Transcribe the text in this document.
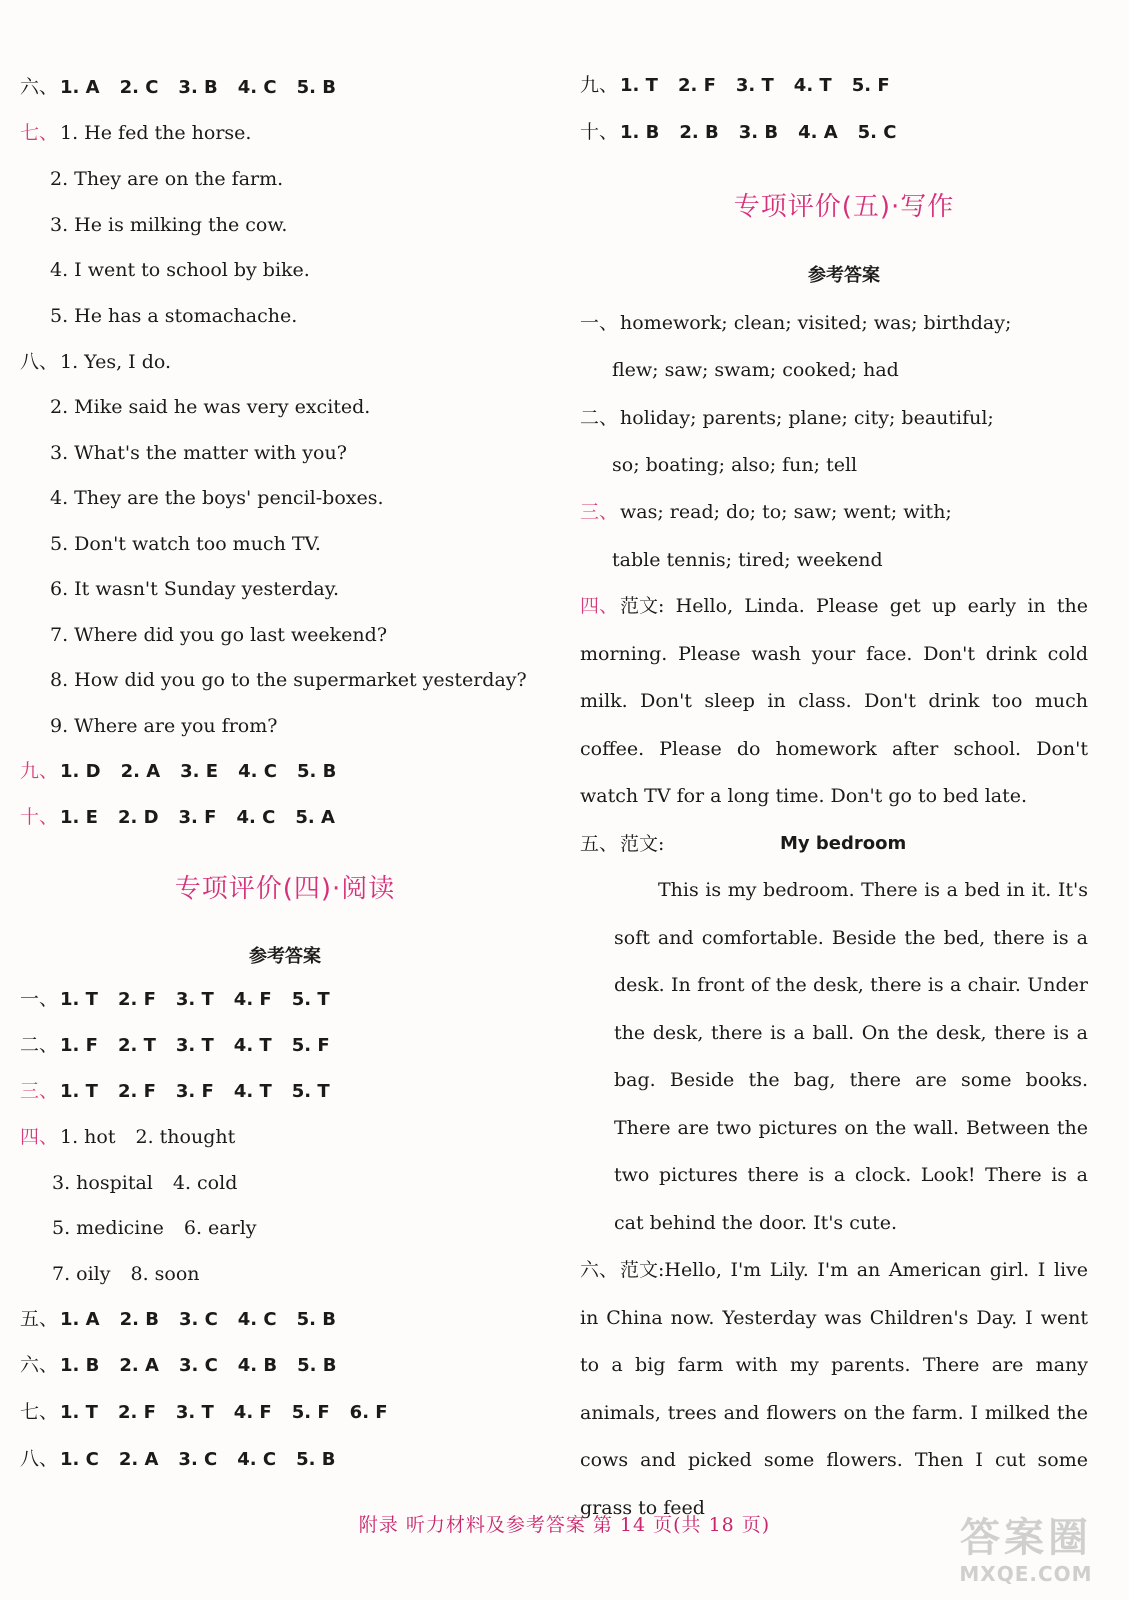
六、 1. A 2. C 3. B 4. C 5. B
七、 1. He fed the horse.
2. They are on the farm.
3. He is milking the cow.
4. I went to school by bike.
5. He has a stomachache.
八、 1. Yes, I do.
2. Mike said he was very excited.
3. What's the matter with you?
4. They are the boys' pencil-boxes.
5. Don't watch too much TV.
6. It wasn't Sunday yesterday.
7. Where did you go last weekend?
8. How did you go to the supermarket yesterday?
9. Where are you from?
九、 1. D 2. A 3. E 4. C 5. B
十、 1. E 2. D 3. F 4. C 5. A
专项评价(四)·阅读
参考答案
一、 1. T 2. F 3. T 4. F 5. T
二、 1. F 2. T 3. T 4. T 5. F
三、 1. T 2. F 3. F 4. T 5. T
四、 1. hot 2. thought
3. hospital 4. cold
5. medicine 6. early
7. oily 8. soon
五、 1. A 2. B 3. C 4. C 5. B
六、 1. B 2. A 3. C 4. B 5. B
七、 1. T 2. F 3. T 4. F 5. F 6. F
八、 1. C 2. A 3. C 4. C 5. B
九、 1. T 2. F 3. T 4. T 5. F
十、 1. B 2. B 3. B 4. A 5. C
专项评价(五)·写作
参考答案
一、 homework; clean; visited; was; birthday;
flew; saw; swam; cooked; had
二、 holiday; parents; plane; city; beautiful;
so; boating; also; fun; tell
三、 was; read; do; to; saw; went; with;
table tennis; tired; weekend
四、 范文: Hello, Linda. Please get up early in the morning. Please wash your face. Don't drink cold milk. Don't sleep in class. Don't drink too much coffee. Please do homework after school. Don't watch TV for a long time. Don't go to bed late.
五、 范文:	My bedroom
This is my bedroom. There is a bed in it. It's soft and comfortable. Beside the bed, there is a desk. In front of the desk, there is a chair. Under the desk, there is a ball. On the desk, there is a bag. Beside the bag, there are some books. There are two pictures on the wall. Between the two pictures there is a clock. Look! There is a cat behind the door. It's cute.
六、 范文:Hello, I'm Lily. I'm an American girl. I live in China now. Yesterday was Children's Day. I went to a big farm with my parents. There are many animals, trees and flowers on the farm. I milked the cows and picked some flowers. Then I cut some grass to feed
附录 听力材料及参考答案 第 14 页(共 18 页)	答案圈
MXQE.COM
